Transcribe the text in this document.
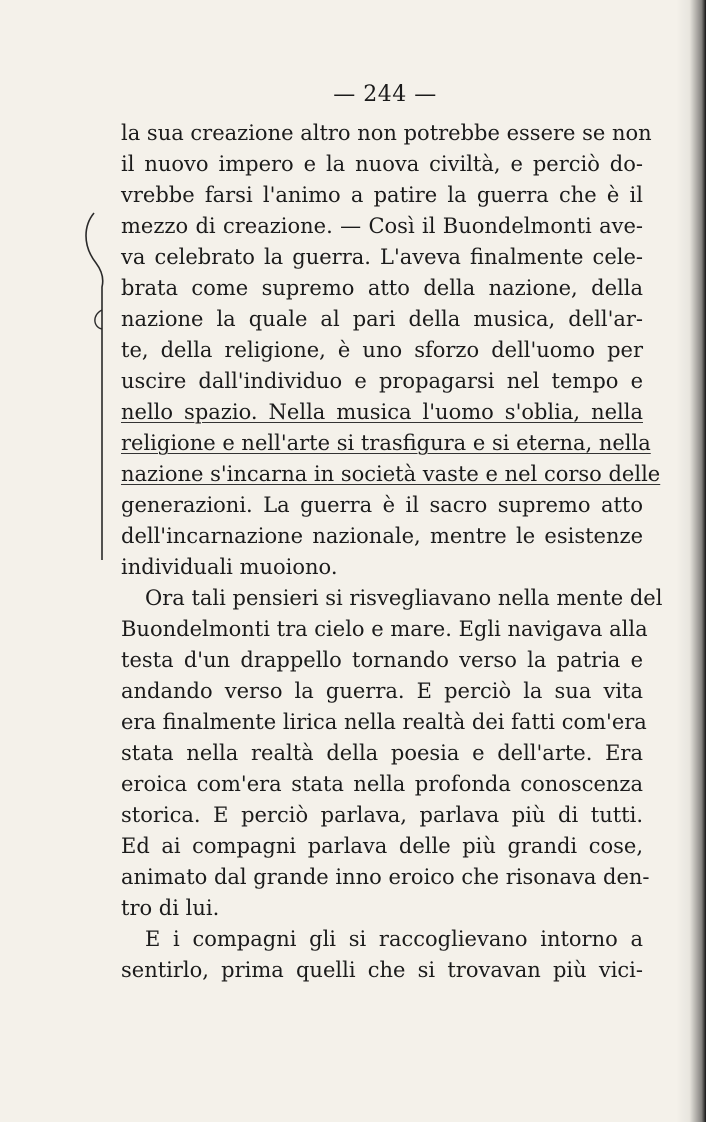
— 244 —
la sua creazione altro non potrebbe essere se non
il nuovo impero e la nuova civiltà, e perciò do-
vrebbe farsi l'animo a patire la guerra che è il
mezzo di creazione. — Così il Buondelmonti ave-
va celebrato la guerra. L'aveva finalmente cele-
brata come supremo atto della nazione, della
nazione la quale al pari della musica, dell'ar-
te, della religione, è uno sforzo dell'uomo per
uscire dall'individuo e propagarsi nel tempo e
nello spazio. Nella musica l'uomo s'oblia, nella
religione e nell'arte si trasfigura e si eterna, nella
nazione s'incarna in società vaste e nel corso delle
generazioni. La guerra è il sacro supremo atto
dell'incarnazione nazionale, mentre le esistenze
individuali muoiono.
Ora tali pensieri si risvegliavano nella mente del
Buondelmonti tra cielo e mare. Egli navigava alla
testa d'un drappello tornando verso la patria e
andando verso la guerra. E perciò la sua vita
era finalmente lirica nella realtà dei fatti com'era
stata nella realtà della poesia e dell'arte. Era
eroica com'era stata nella profonda conoscenza
storica. E perciò parlava, parlava più di tutti.
Ed ai compagni parlava delle più grandi cose,
animato dal grande inno eroico che risonava den-
tro di lui.
E i compagni gli si raccoglievano intorno a
sentirlo, prima quelli che si trovavan più vici-
